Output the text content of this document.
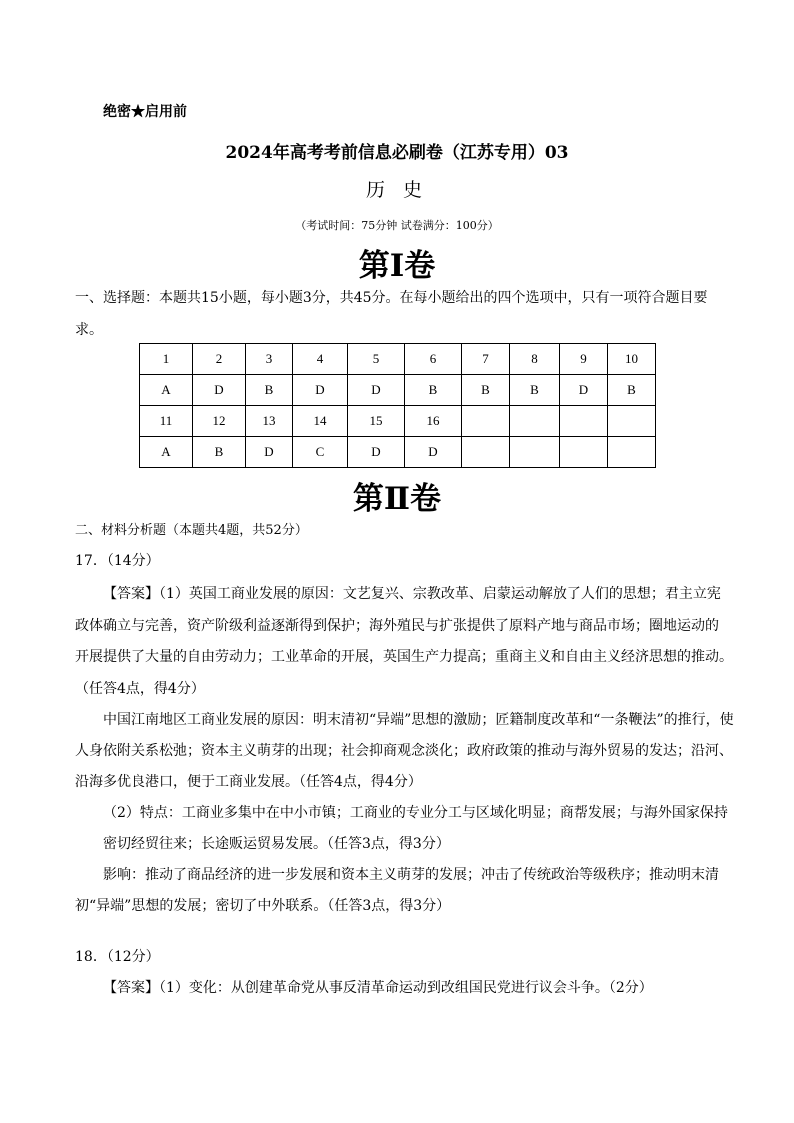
绝密★启用前
2024年高考考前信息必刷卷（江苏专用）03
历 史
（考试时间：75分钟 试卷满分：100分）
第Ⅰ卷
一、选择题：本题共15小题，每小题3分，共45分。在每小题给出的四个选项中，只有一项符合题目要
求。
1	2	3	4	5	6	7	8	9	10
A	D	B	D	D	B	B	B	D	B
11	12	13	14	15	16				
A	B	D	C	D	D				
第Ⅱ卷
二、材料分析题（本题共4题，共52分）
17．（14分）
【答案】（1）英国工商业发展的原因：文艺复兴、宗教改革、启蒙运动解放了人们的思想；君主立宪
政体确立与完善，资产阶级利益逐渐得到保护；海外殖民与扩张提供了原料产地与商品市场；圈地运动的
开展提供了大量的自由劳动力；工业革命的开展，英国生产力提高；重商主义和自由主义经济思想的推动。
（任答4点，得4分）
中国江南地区工商业发展的原因：明末清初“异端”思想的激励；匠籍制度改革和“一条鞭法”的推行，使
人身依附关系松弛；资本主义萌芽的出现；社会抑商观念淡化；政府政策的推动与海外贸易的发达；沿河、
沿海多优良港口，便于工商业发展。（任答4点，得4分）
（2）特点：工商业多集中在中小市镇；工商业的专业分工与区域化明显；商帮发展；与海外国家保持
密切经贸往来；长途贩运贸易发展。（任答3点，得3分）
影响：推动了商品经济的进一步发展和资本主义萌芽的发展；冲击了传统政治等级秩序；推动明末清
初“异端”思想的发展；密切了中外联系。（任答3点，得3分）
18．（12分）
【答案】（1）变化：从创建革命党从事反清革命运动到改组国民党进行议会斗争。（2分）
